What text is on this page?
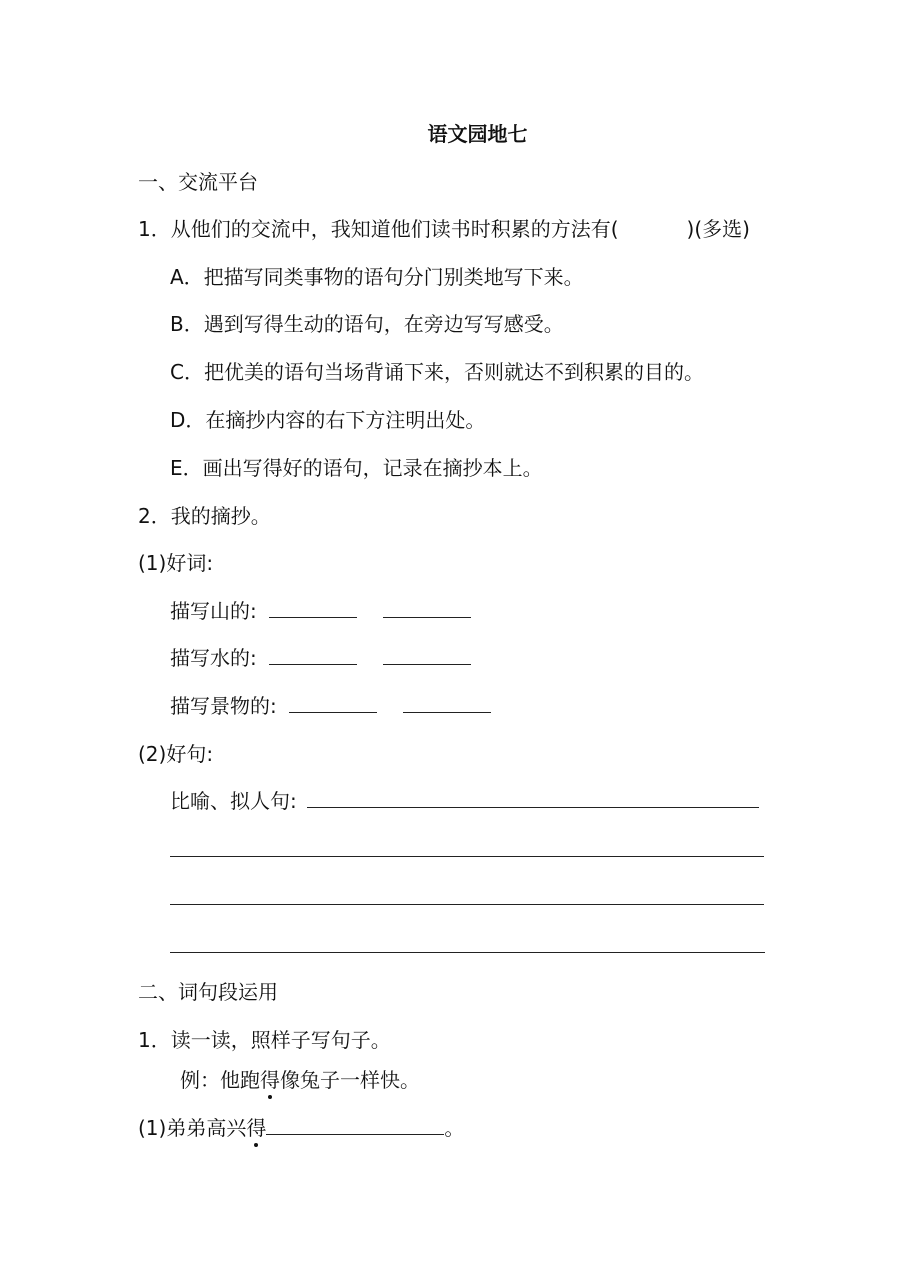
语文园地七
一、交流平台
1．从他们的交流中，我知道他们读书时积累的方法有(	)(多选)
A．把描写同类事物的语句分门别类地写下来。
B．遇到写得生动的语句，在旁边写写感受。
C．把优美的语句当场背诵下来，否则就达不到积累的目的。
D．在摘抄内容的右下方注明出处。
E．画出写得好的语句，记录在摘抄本上。
2．我的摘抄。
(1)好词:
描写山的:
描写水的:
描写景物的:
(2)好句:
比喻、拟人句:
二、词句段运用
1．读一读，照样子写句子。
例：他跑得像兔子一样快。
(1)弟弟高兴得	。
